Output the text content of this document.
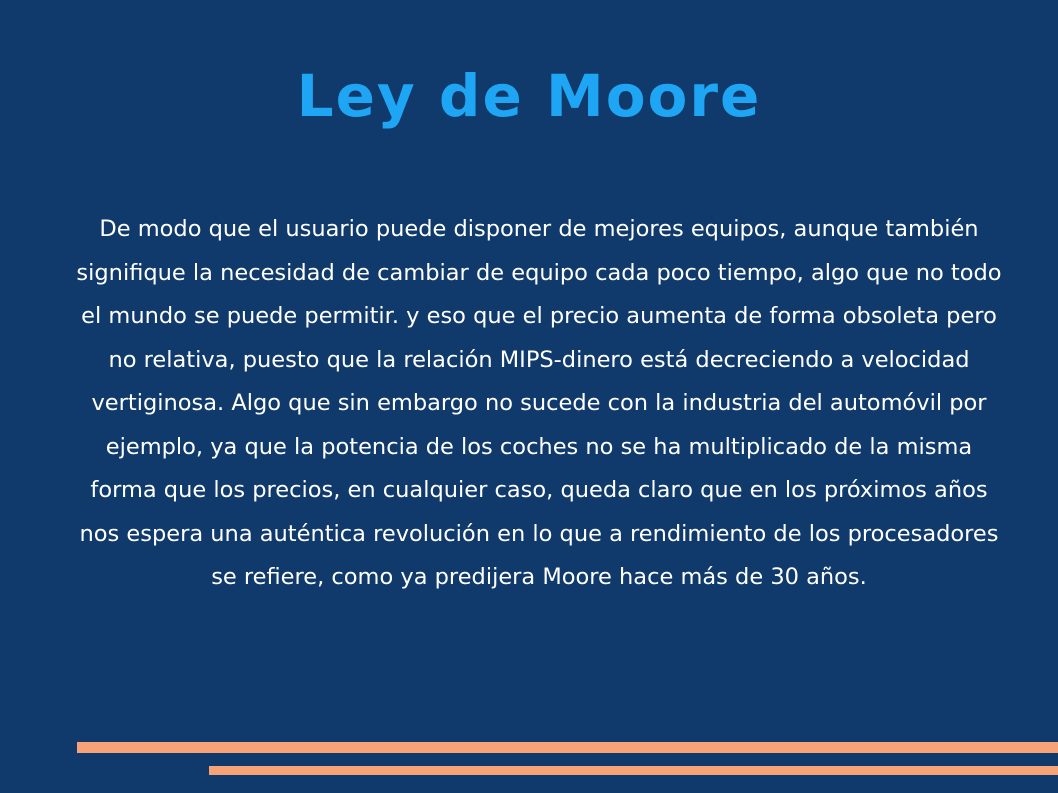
Ley de Moore

De modo que el usuario puede disponer de mejores equipos, aunque también signifique la necesidad de cambiar de equipo cada poco tiempo, algo que no todo el mundo se puede permitir. y eso que el precio aumenta de forma obsoleta pero no relativa, puesto que la relación MIPS-dinero está decreciendo a velocidad vertiginosa. Algo que sin embargo no sucede con la industria del automóvil por ejemplo, ya que la potencia de los coches no se ha multiplicado de la misma forma que los precios, en cualquier caso, queda claro que en los próximos años nos espera una auténtica revolución en lo que a rendimiento de los procesadores se refiere, como ya predijera Moore hace más de 30 años.
